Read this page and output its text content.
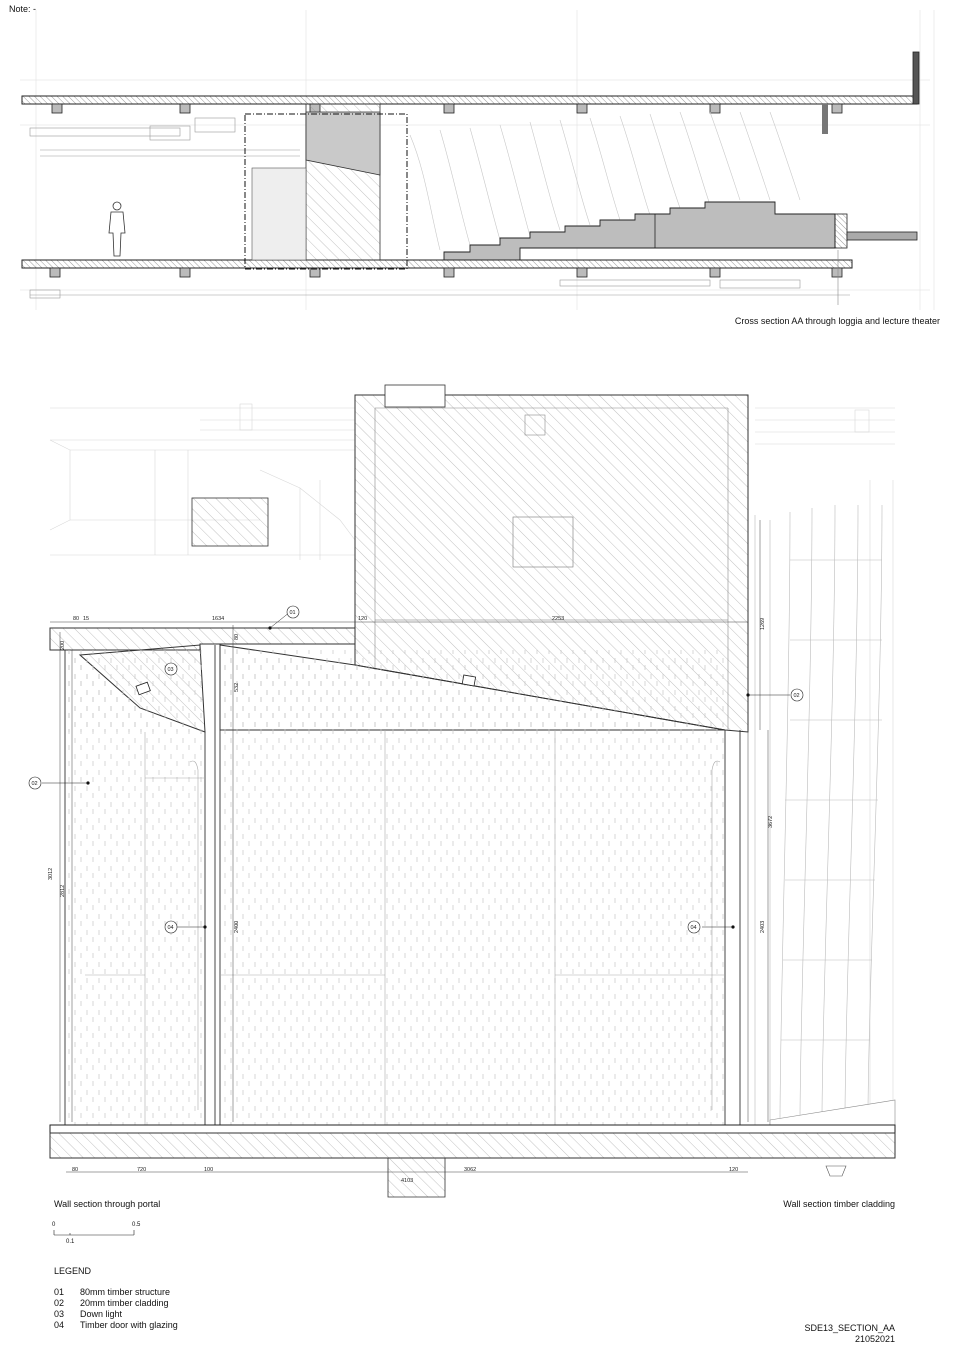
Note: -
80 15	1634	120	2253	1269
200
80
532
3012
2812
2400
3672
2403
80	720	100
4103
3062	120
01
03
02
02
04	04
Cross section AA through loggia and lecture theater
Wall section through portal	Wall section timber cladding
0	0.5
0.1
LEGEND
01	80mm timber structure
02	20mm timber cladding
03	Down light
04	Timber door with glazing	SDE13_SECTION_AA
21052021
